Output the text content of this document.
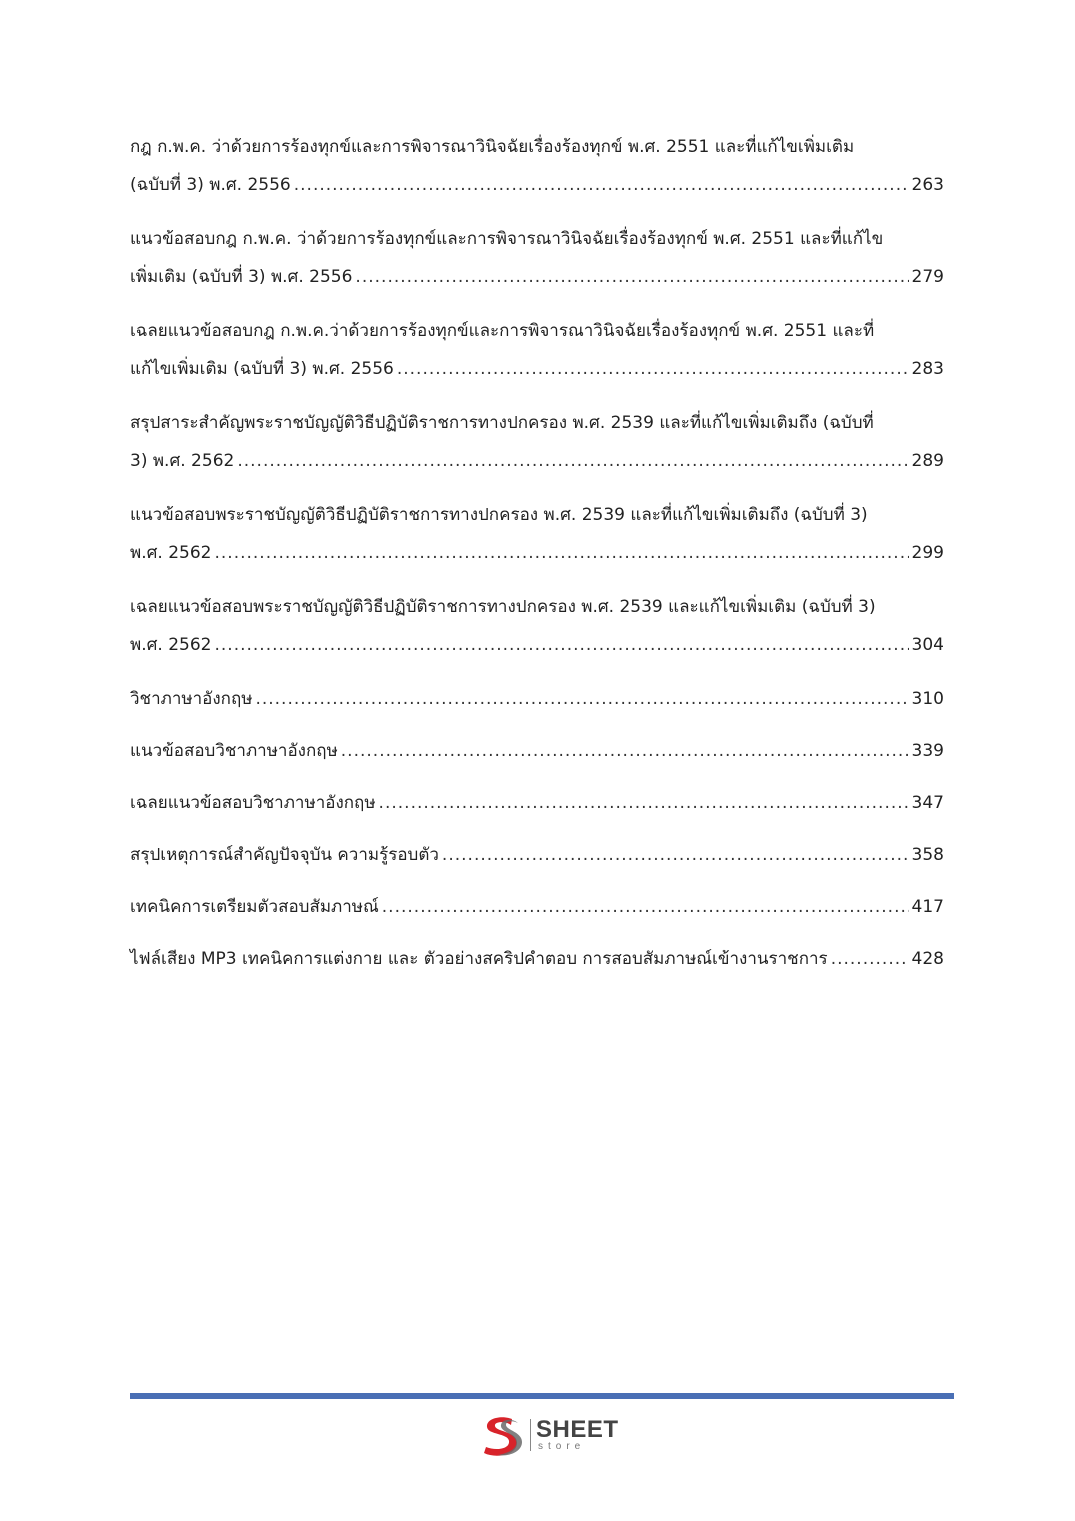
กฎ ก.พ.ค. ว่าด้วยการร้องทุกข์และการพิจารณาวินิจฉัยเรื่องร้องทุกข์ พ.ศ. 2551 และที่แก้ไขเพิ่มเติม
(ฉบับที่ 3) พ.ศ. 2556 .....	263
แนวข้อสอบกฎ ก.พ.ค. ว่าด้วยการร้องทุกข์และการพิจารณาวินิจฉัยเรื่องร้องทุกข์ พ.ศ. 2551 และที่แก้ไข
เพิ่มเติม (ฉบับที่ 3) พ.ศ. 2556 .....	279
เฉลยแนวข้อสอบกฎ ก.พ.ค.ว่าด้วยการร้องทุกข์และการพิจารณาวินิจฉัยเรื่องร้องทุกข์ พ.ศ. 2551 และที่
แก้ไขเพิ่มเติม (ฉบับที่ 3) พ.ศ. 2556 .....	283
สรุปสาระสำคัญพระราชบัญญัติวิธีปฏิบัติราชการทางปกครอง พ.ศ. 2539 และที่แก้ไขเพิ่มเติมถึง (ฉบับที่
3) พ.ศ. 2562 .....	289
แนวข้อสอบพระราชบัญญัติวิธีปฏิบัติราชการทางปกครอง พ.ศ. 2539 และที่แก้ไขเพิ่มเติมถึง (ฉบับที่ 3)
พ.ศ. 2562 .....	299
เฉลยแนวข้อสอบพระราชบัญญัติวิธีปฏิบัติราชการทางปกครอง พ.ศ. 2539 และแก้ไขเพิ่มเติม (ฉบับที่ 3)
พ.ศ. 2562 .....	304
วิชาภาษาอังกฤษ .....	310
แนวข้อสอบวิชาภาษาอังกฤษ .....	339
เฉลยแนวข้อสอบวิชาภาษาอังกฤษ .....	347
สรุปเหตุการณ์สำคัญปัจจุบัน ความรู้รอบตัว .....	358
เทคนิคการเตรียมตัวสอบสัมภาษณ์ .....	417
ไฟล์เสียง MP3 เทคนิคการแต่งกาย และ ตัวอย่างสคริปคำตอบ การสอบสัมภาษณ์เข้างานราชการ .....	428
SHEET
store
